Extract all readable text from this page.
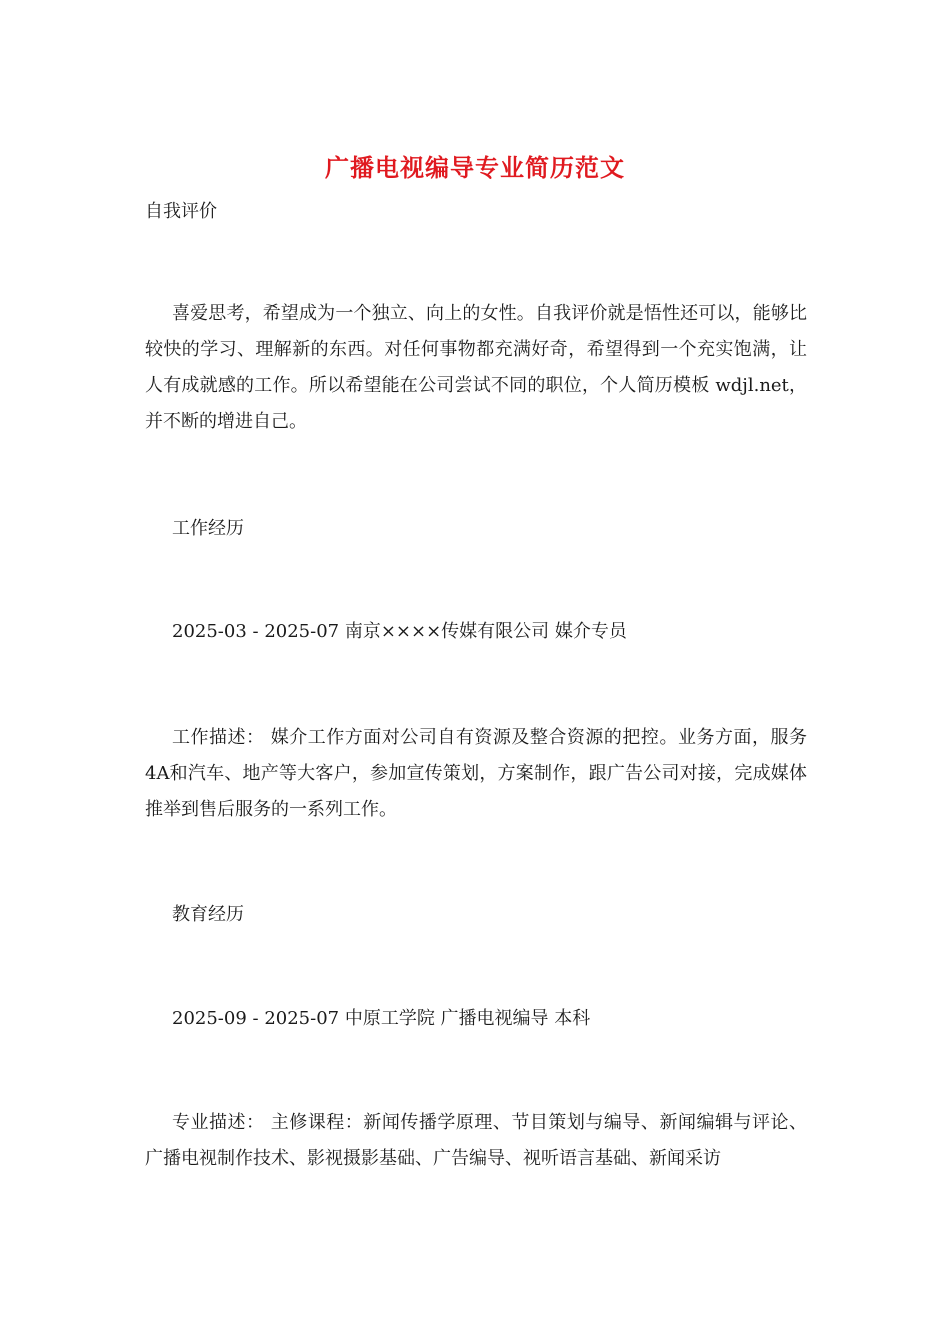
广播电视编导专业简历范文
自我评价
喜爱思考，希望成为一个独立、向上的女性。自我评价就是悟性还可以，能够比较快的学习、理解新的东西。对任何事物都充满好奇，希望得到一个充实饱满，让人有成就感的工作。所以希望能在公司尝试不同的职位，个人简历模板 wdjl.net，并不断的增进自己。
工作经历
2025-03 - 2025-07 南京××××传媒有限公司 媒介专员
工作描述： 媒介工作方面对公司自有资源及整合资源的把控。业务方面，服务4A和汽车、地产等大客户，参加宣传策划，方案制作，跟广告公司对接，完成媒体推举到售后服务的一系列工作。
教育经历
2025-09 - 2025-07 中原工学院 广播电视编导 本科
专业描述： 主修课程：新闻传播学原理、节目策划与编导、新闻编辑与评论、广播电视制作技术、影视摄影基础、广告编导、视听语言基础、新闻采访
